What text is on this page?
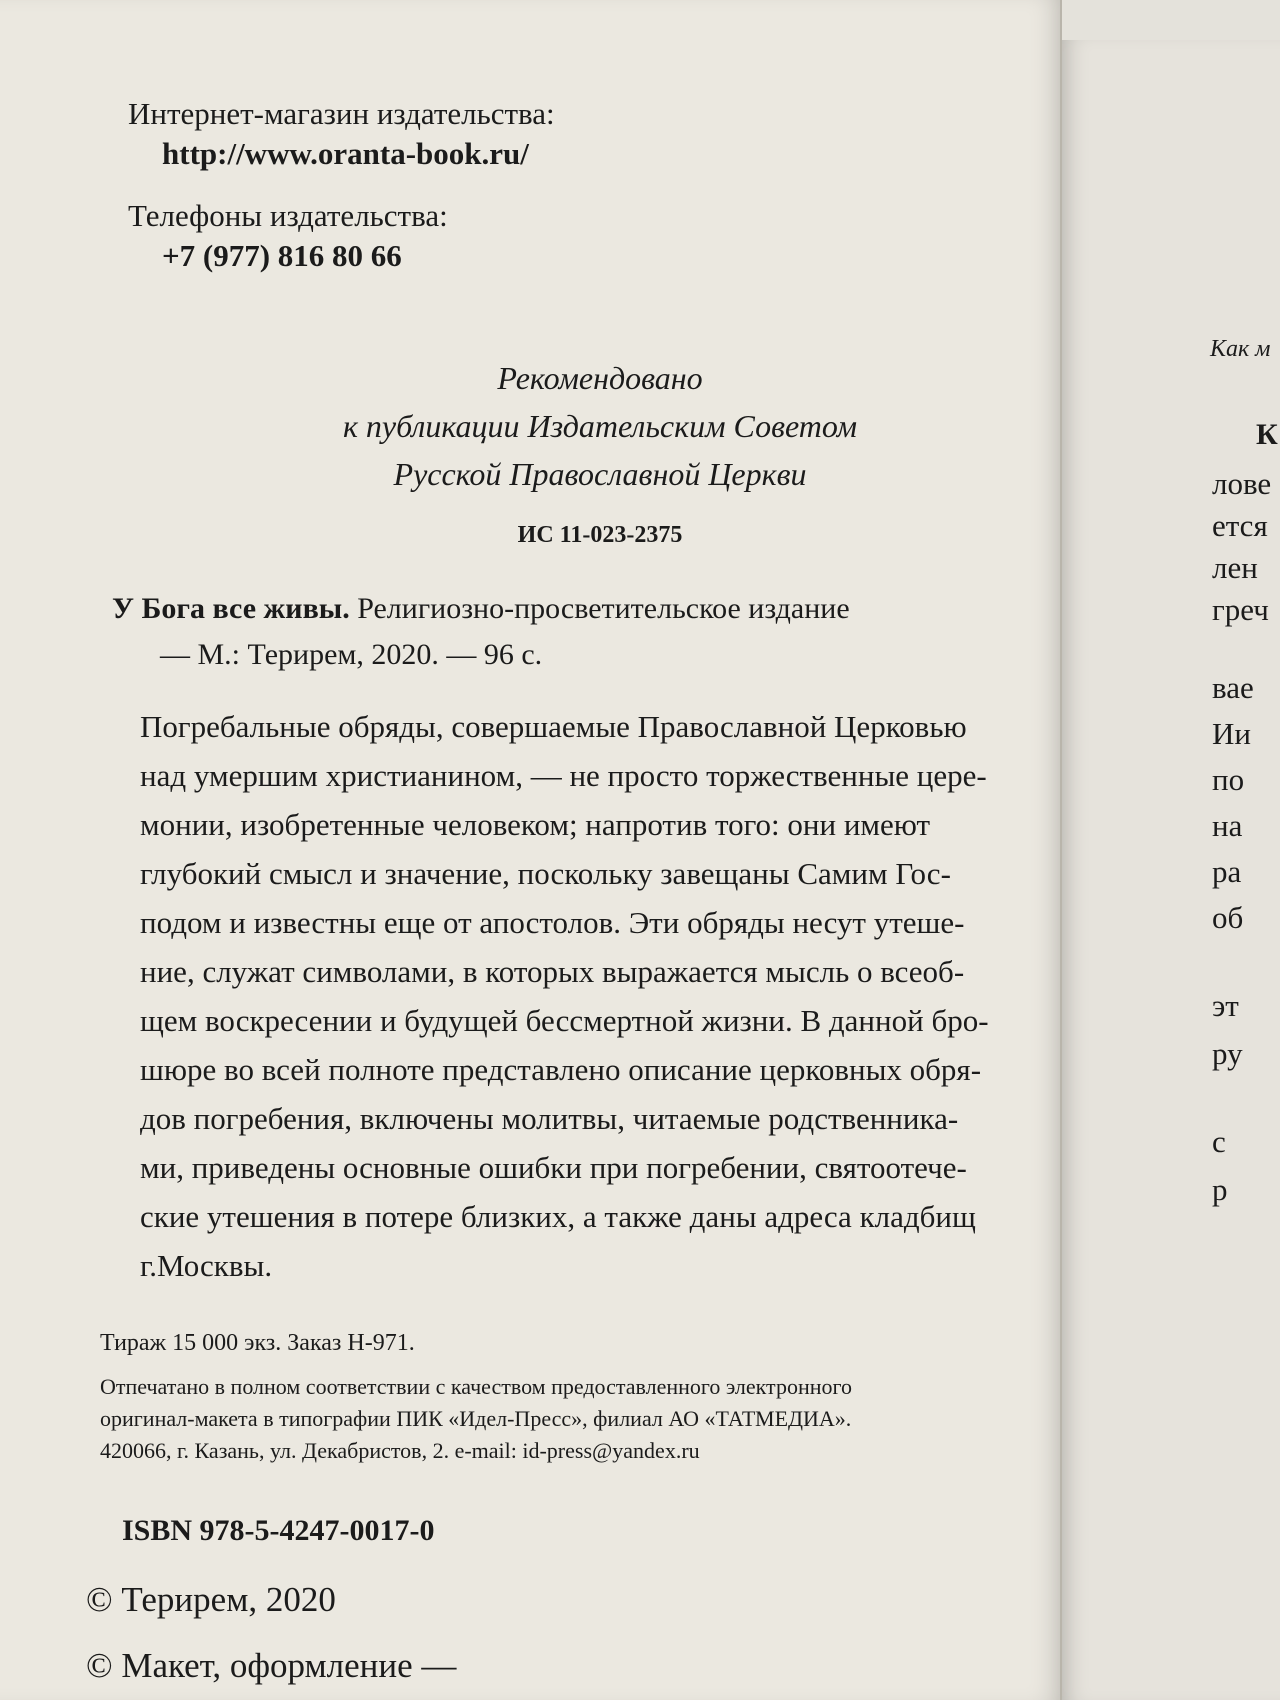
Интернет-магазин издательства:
http://www.oranta-book.ru/
Телефоны издательства:
+7 (977) 816 80 66
Рекомендовано
к публикации Издательским Советом
Русской Православной Церкви
ИС 11-023-2375
У Бога все живы. Религиозно-просветительское издание
— М.: Терирем, 2020. — 96 с.
Погребальные обряды, совершаемые Православной Церковью
над умершим христианином, — не просто торжественные цере-
монии, изобретенные человеком; напротив того: они имеют
глубокий смысл и значение, поскольку завещаны Самим Гос-
подом и известны еще от апостолов. Эти обряды несут утеше-
ние, служат символами, в которых выражается мысль о всеоб-
щем воскресении и будущей бессмертной жизни. В данной бро-
шюре во всей полноте представлено описание церковных обря-
дов погребения, включены молитвы, читаемые родственника-
ми, приведены основные ошибки при погребении, святоотече-
ские утешения в потере близких, а также даны адреса кладбищ
г.Москвы.
Тираж 15 000 экз. Заказ Н-971.
Отпечатано в полном соответствии с качеством предоставленного электронного
оригинал-макета в типографии ПИК «Идел-Пресс», филиал АО «ТАТМЕДИА».
420066, г. Казань, ул. Декабристов, 2. e-mail: id-press@yandex.ru
ISBN 978-5-4247-0017-0
© Терирем, 2020
© Макет, оформление —
Как м
К
лове
ется
лен
греч
вае
Ии
по
на
ра
об
эт
ру
с
р
